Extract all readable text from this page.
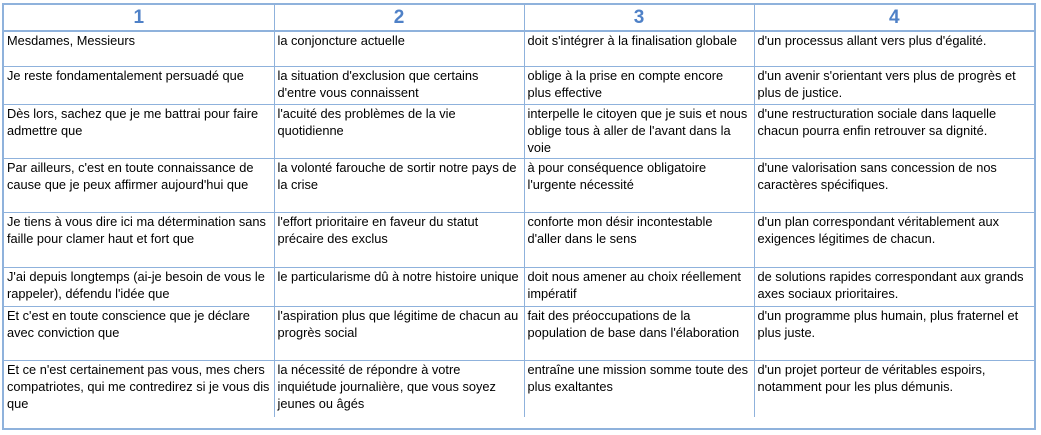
1	2	3	4
Mesdames, Messieurs	la conjoncture actuelle	doit s'intégrer à la finalisation globale	d'un processus allant vers plus d'égalité.
Je reste fondamentalement persuadé que	la situation d'exclusion que certains d'entre vous connaissent	oblige à la prise en compte encore plus effective	d'un avenir s'orientant vers plus de progrès et plus de justice.
Dès lors, sachez que je me battrai pour faire admettre que	l'acuité des problèmes de la vie quotidienne	interpelle le citoyen que je suis et nous oblige tous à aller de l'avant dans la voie	d'une restructuration sociale dans laquelle chacun pourra enfin retrouver sa dignité.
Par ailleurs, c'est en toute connaissance de cause que je peux affirmer aujourd'hui que	la volonté farouche de sortir notre pays de la crise	à pour conséquence obligatoire l'urgente nécessité	d'une valorisation sans concession de nos caractères spécifiques.
Je tiens à vous dire ici ma détermination sans faille pour clamer haut et fort que	l'effort prioritaire en faveur du statut précaire des exclus	conforte mon désir incontestable d'aller dans le sens	d'un plan correspondant véritablement aux exigences légitimes de chacun.
J'ai depuis longtemps (ai-je besoin de vous le rappeler), défendu l'idée que	le particularisme dû à notre histoire unique	doit nous amener au choix réellement impératif	de solutions rapides correspondant aux grands axes sociaux prioritaires.
Et c'est en toute conscience que je déclare avec conviction que	l'aspiration plus que légitime de chacun au progrès social	fait des préoccupations de la population de base dans l'élaboration	d'un programme plus humain, plus fraternel et plus juste.
Et ce n'est certainement pas vous, mes chers compatriotes, qui me contredirez si je vous dis que	la nécessité de répondre à votre inquiétude journalière, que vous soyez jeunes ou âgés	entraîne une mission somme toute des plus exaltantes	d'un projet porteur de véritables espoirs, notamment pour les plus démunis.
